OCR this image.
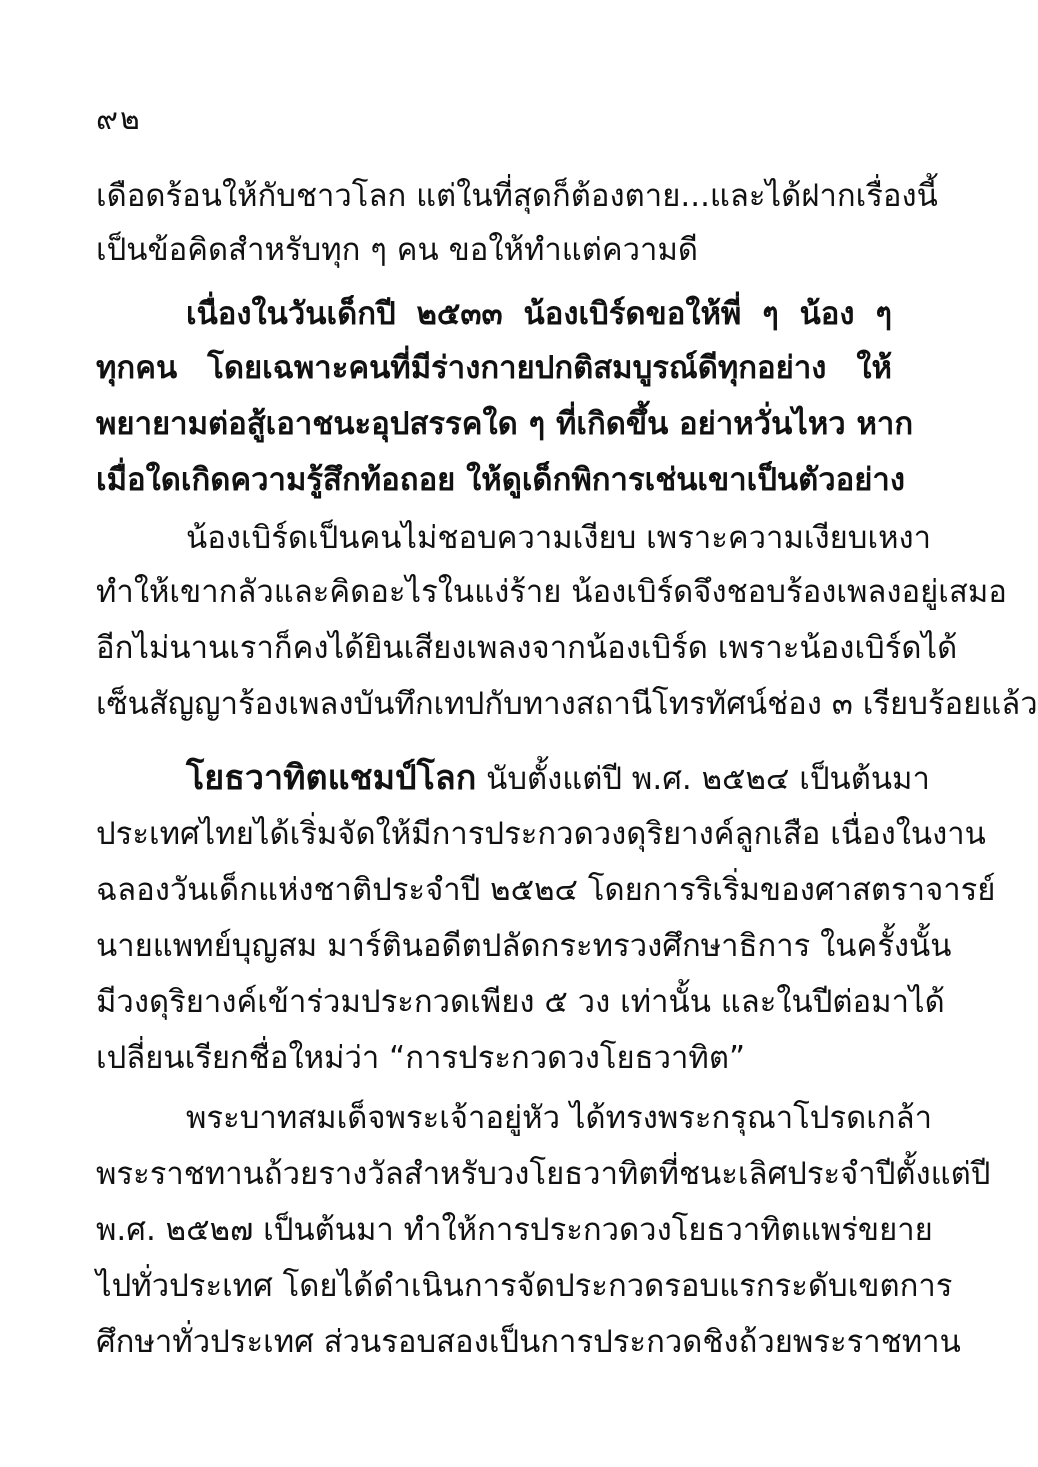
๙๒
เดือดร้อนให้กับชาวโลก แต่ในที่สุดก็ต้องตาย...และได้ฝากเรื่องนี้
เป็นข้อคิดสำหรับทุก ๆ คน ขอให้ทำแต่ความดี
เนื่องในวันเด็กปี ๒๕๓๓ น้องเบิร์ดขอให้พี่ ๆ น้อง ๆ
ทุกคน โดยเฉพาะคนที่มีร่างกายปกติสมบูรณ์ดีทุกอย่าง ให้
พยายามต่อสู้เอาชนะอุปสรรคใด ๆ ที่เกิดขึ้น อย่าหวั่นไหว หาก
เมื่อใดเกิดความรู้สึกท้อถอย ให้ดูเด็กพิการเช่นเขาเป็นตัวอย่าง
น้องเบิร์ดเป็นคนไม่ชอบความเงียบ เพราะความเงียบเหงา
ทำให้เขากลัวและคิดอะไรในแง่ร้าย น้องเบิร์ดจึงชอบร้องเพลงอยู่เสมอ
อีกไม่นานเราก็คงได้ยินเสียงเพลงจากน้องเบิร์ด เพราะน้องเบิร์ดได้
เซ็นสัญญาร้องเพลงบันทึกเทปกับทางสถานีโทรทัศน์ช่อง ๓ เรียบร้อยแล้ว
โยธวาทิตแชมป์โลก นับตั้งแต่ปี พ.ศ. ๒๕๒๔ เป็นต้นมา
ประเทศไทยได้เริ่มจัดให้มีการประกวดวงดุริยางค์ลูกเสือ เนื่องในงาน
ฉลองวันเด็กแห่งชาติประจำปี ๒๕๒๔ โดยการริเริ่มของศาสตราจารย์
นายแพทย์บุญสม มาร์ตินอดีตปลัดกระทรวงศึกษาธิการ ในครั้งนั้น
มีวงดุริยางค์เข้าร่วมประกวดเพียง ๕ วง เท่านั้น และในปีต่อมาได้
เปลี่ยนเรียกชื่อใหม่ว่า “การประกวดวงโยธวาทิต”
พระบาทสมเด็จพระเจ้าอยู่หัว ได้ทรงพระกรุณาโปรดเกล้า
พระราชทานถ้วยรางวัลสำหรับวงโยธวาทิตที่ชนะเลิศประจำปีตั้งแต่ปี
พ.ศ. ๒๕๒๗ เป็นต้นมา ทำให้การประกวดวงโยธวาทิตแพร่ขยาย
ไปทั่วประเทศ โดยได้ดำเนินการจัดประกวดรอบแรกระดับเขตการ
ศึกษาทั่วประเทศ ส่วนรอบสองเป็นการประกวดชิงถ้วยพระราชทาน
